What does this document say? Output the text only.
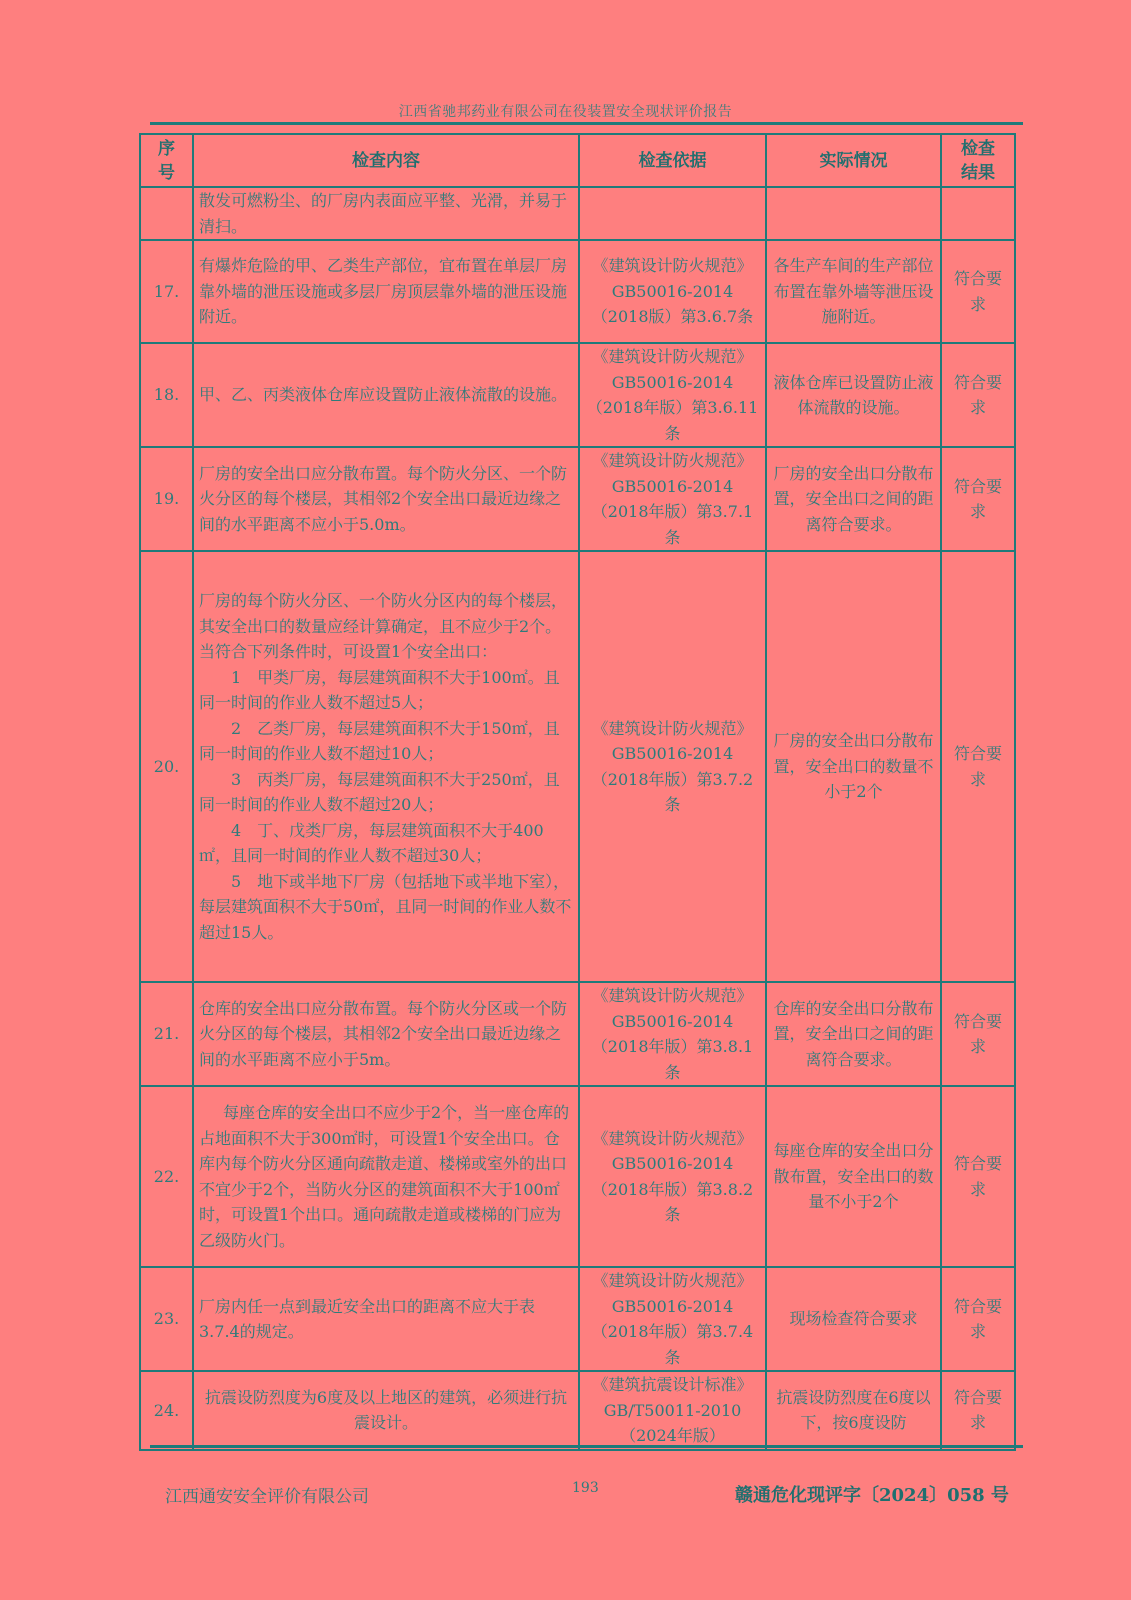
江西省驰邦药业有限公司在役装置安全现状评价报告
序
号	检查内容	检查依据	实际情况	检查
结果

	散发可燃粉尘、的厂房内表面应平整、光滑，并易于清扫。			
17.	有爆炸危险的甲、乙类生产部位，宜布置在单层厂房靠外墙的泄压设施或多层厂房顶层靠外墙的泄压设施附近。	《建筑设计防火规范》GB50016-2014（2018版）第3.6.7条	各生产车间的生产部位布置在靠外墙等泄压设施附近。	符合要求
18.	甲、乙、丙类液体仓库应设置防止液体流散的设施。	《建筑设计防火规范》GB50016-2014（2018年版）第3.6.11条	液体仓库已设置防止液体流散的设施。	符合要求
19.	厂房的安全出口应分散布置。每个防火分区、一个防火分区的每个楼层，其相邻2个安全出口最近边缘之间的水平距离不应小于5.0m。	《建筑设计防火规范》GB50016-2014（2018年版）第3.7.1条	厂房的安全出口分散布置，安全出口之间的距离符合要求。	符合要求
20.	
厂房的每个防火分区、一个防火分区内的每个楼层，其安全出口的数量应经计算确定，且不应少于2个。当符合下列条件时，可设置1个安全出口：
1　甲类厂房，每层建筑面积不大于100㎡。且同一时间的作业人数不超过5人；
2　乙类厂房，每层建筑面积不大于150㎡，且同一时间的作业人数不超过10人；
3　丙类厂房，每层建筑面积不大于250㎡，且同一时间的作业人数不超过20人；
4　丁、戊类厂房，每层建筑面积不大于400㎡，且同一时间的作业人数不超过30人；
5　地下或半地下厂房（包括地下或半地下室），每层建筑面积不大于50㎡，且同一时间的作业人数不超过15人。
	《建筑设计防火规范》GB50016-2014（2018年版）第3.7.2条	厂房的安全出口分散布置，安全出口的数量不小于2个	符合要求
21.	仓库的安全出口应分散布置。每个防火分区或一个防火分区的每个楼层，其相邻2个安全出口最近边缘之间的水平距离不应小于5m。	《建筑设计防火规范》GB50016-2014（2018年版）第3.8.1条	仓库的安全出口分散布置，安全出口之间的距离符合要求。	符合要求
22.	每座仓库的安全出口不应少于2个，当一座仓库的占地面积不大于300㎡时，可设置1个安全出口。仓库内每个防火分区通向疏散走道、楼梯或室外的出口不宜少于2个，当防火分区的建筑面积不大于100㎡时，可设置1个出口。通向疏散走道或楼梯的门应为乙级防火门。	《建筑设计防火规范》GB50016-2014（2018年版）第3.8.2条	每座仓库的安全出口分散布置，安全出口的数量不小于2个	符合要求
23.	厂房内任一点到最近安全出口的距离不应大于表3.7.4的规定。	《建筑设计防火规范》GB50016-2014（2018年版）第3.7.4条	现场检查符合要求	符合要求
24.	抗震设防烈度为6度及以上地区的建筑，必须进行抗震设计。	《建筑抗震设计标准》GB/T50011-2010（2024年版）	抗震设防烈度在6度以下，按6度设防	符合要求
江西通安安全评价有限公司	193	赣通危化现评字〔2024〕058 号
